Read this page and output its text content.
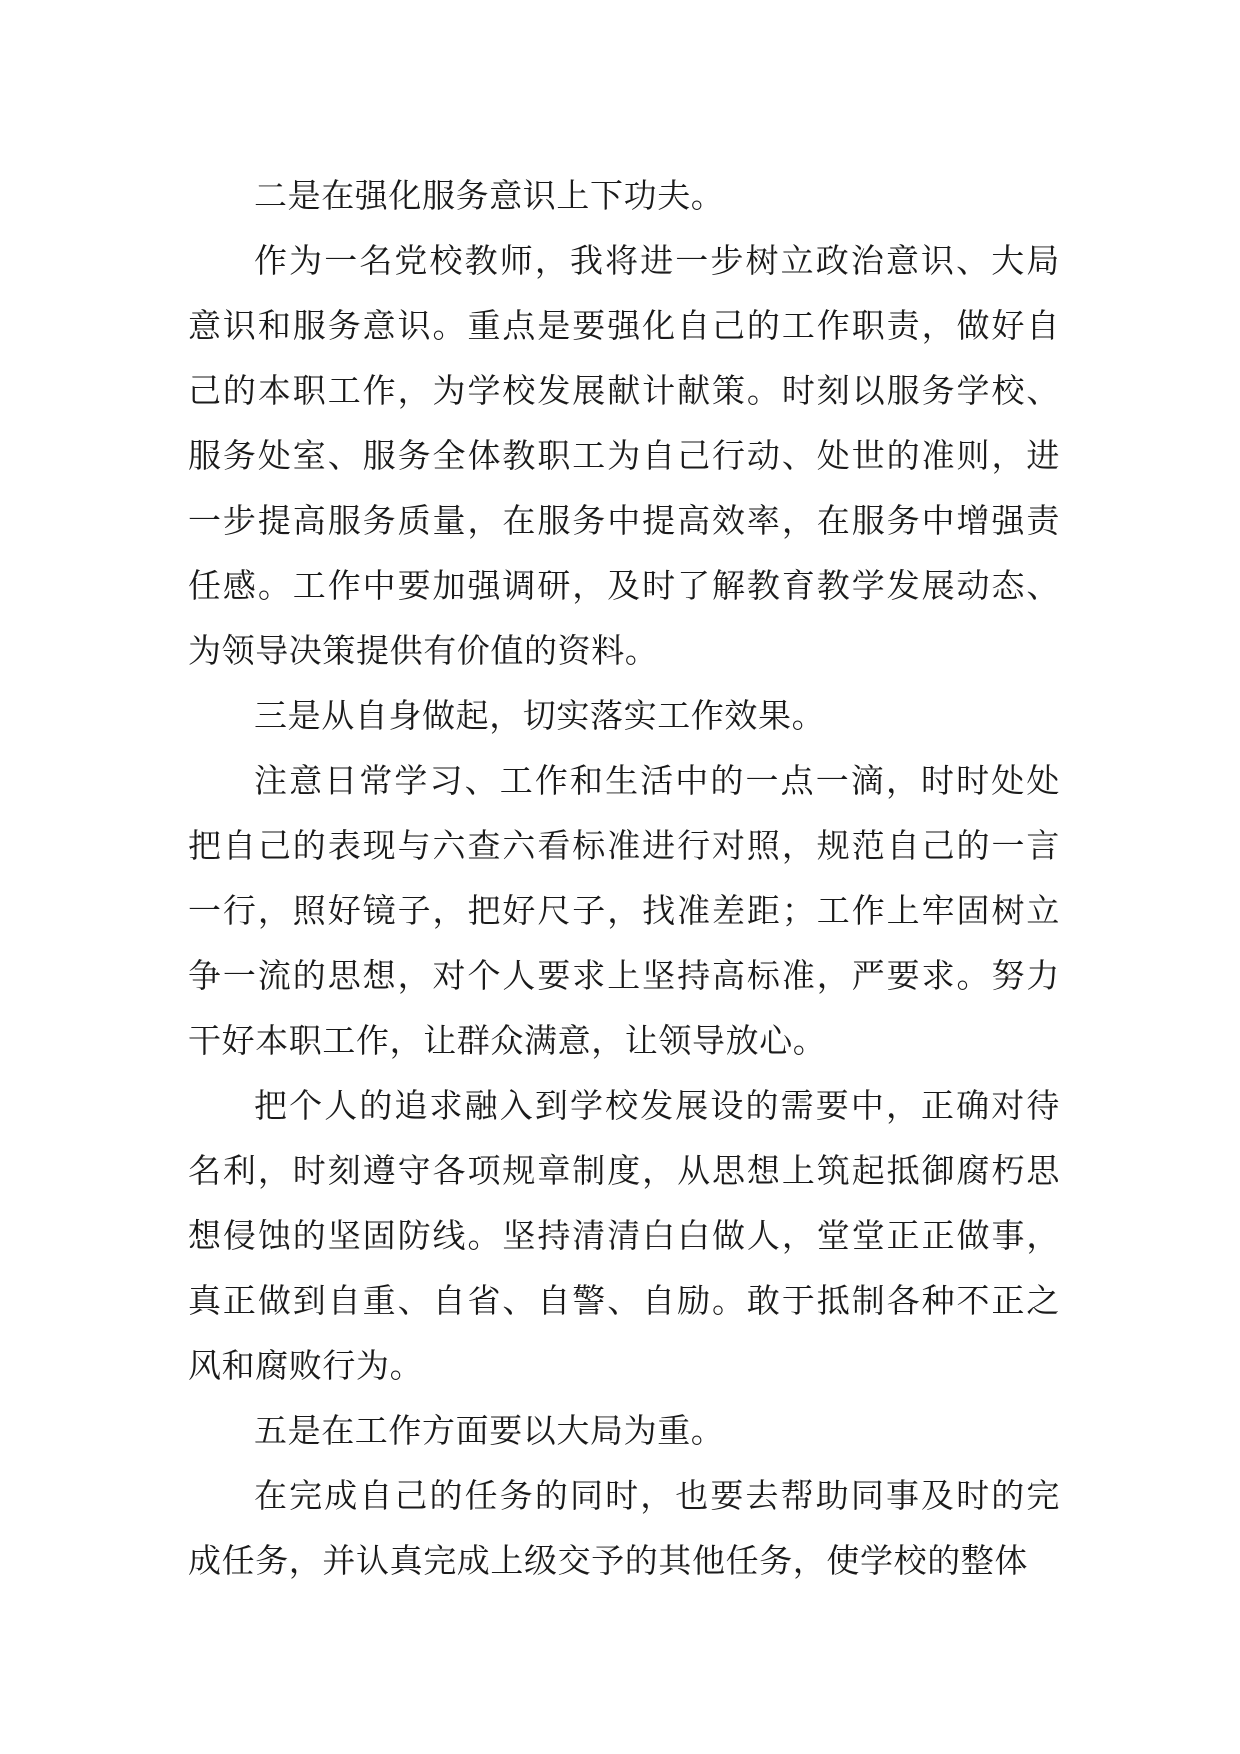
二是在强化服务意识上下功夫。

作为一名党校教师，我将进一步树立政治意识、大局意识和服务意识。重点是要强化自己的工作职责，做好自己的本职工作，为学校发展献计献策。时刻以服务学校、服务处室、服务全体教职工为自己行动、处世的准则，进一步提高服务质量，在服务中提高效率，在服务中增强责任感。工作中要加强调研，及时了解教育教学发展动态、为领导决策提供有价值的资料。

三是从自身做起，切实落实工作效果。

注意日常学习、工作和生活中的一点一滴，时时处处把自己的表现与六查六看标准进行对照，规范自己的一言一行，照好镜子，把好尺子，找准差距；工作上牢固树立争一流的思想，对个人要求上坚持高标准，严要求。努力干好本职工作，让群众满意，让领导放心。

把个人的追求融入到学校发展设的需要中，正确对待名利，时刻遵守各项规章制度，从思想上筑起抵御腐朽思想侵蚀的坚固防线。坚持清清白白做人，堂堂正正做事，真正做到自重、自省、自警、自励。敢于抵制各种不正之风和腐败行为。

五是在工作方面要以大局为重。

在完成自己的任务的同时，也要去帮助同事及时的完成任务，并认真完成上级交予的其他任务，使学校的整体
